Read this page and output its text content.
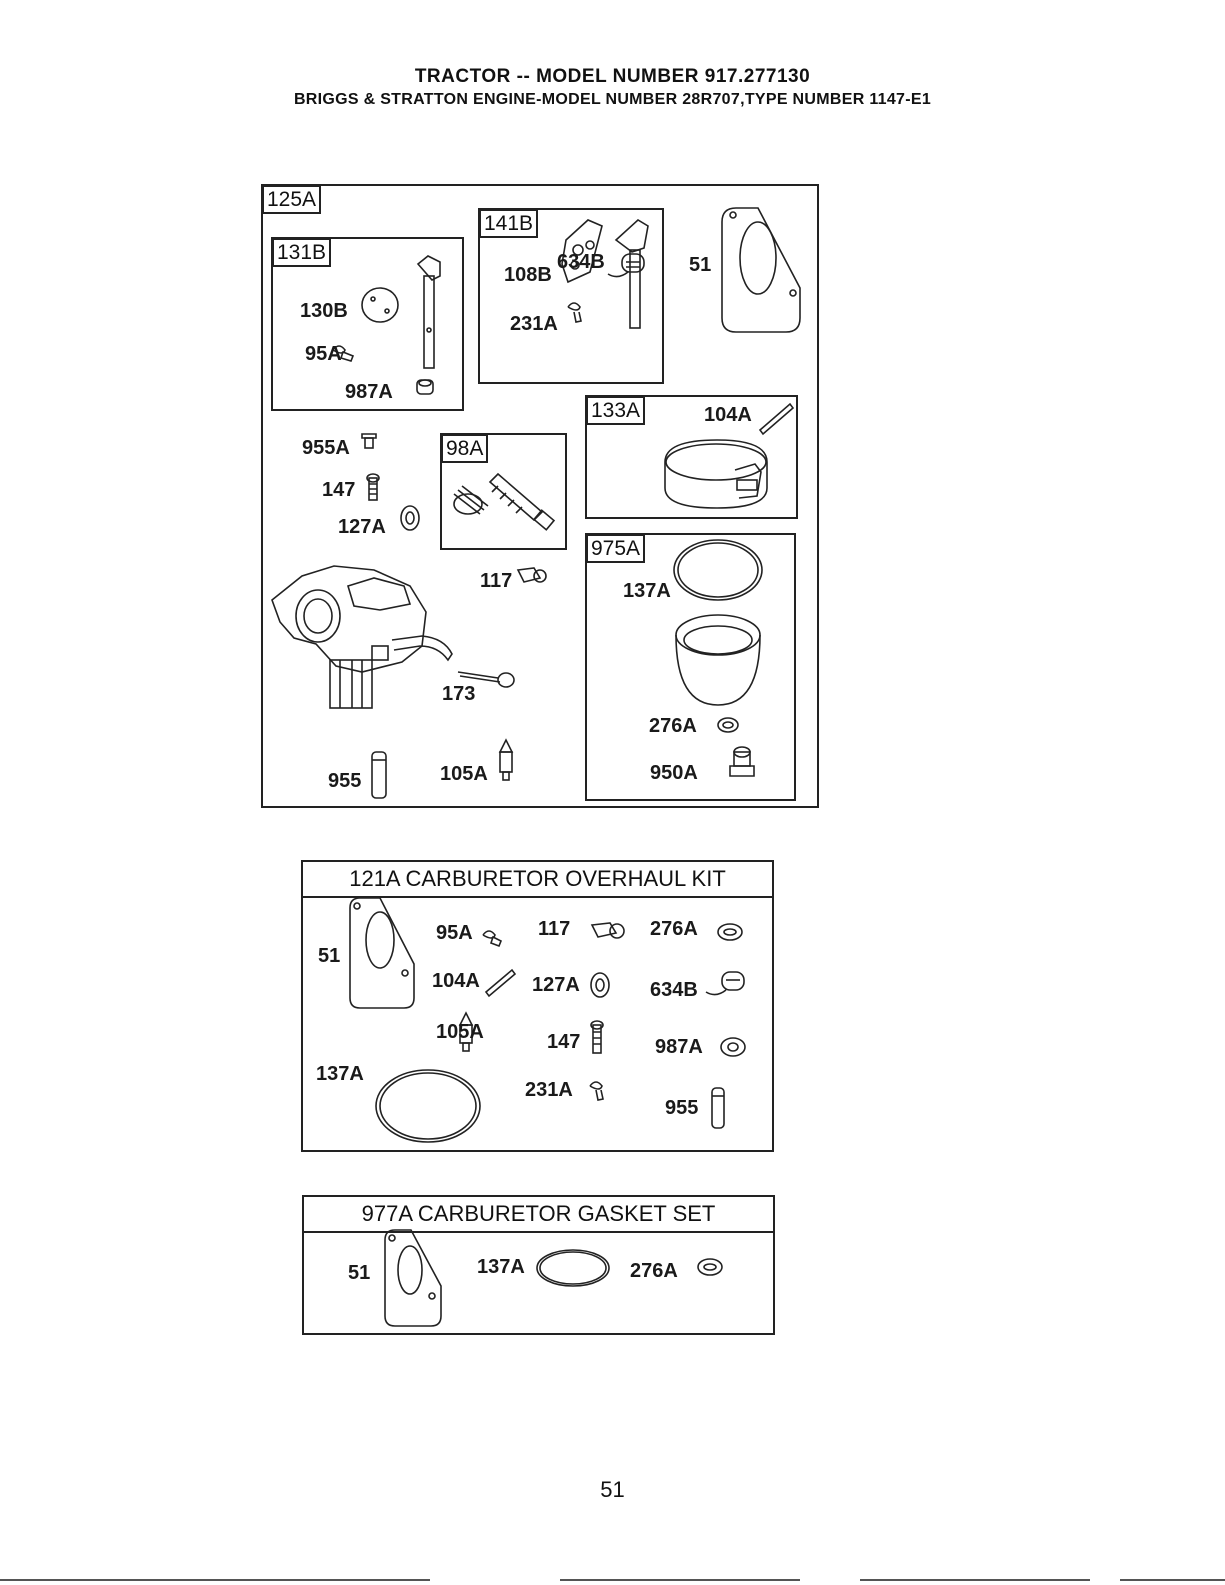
TRACTOR -- MODEL NUMBER 917.277130
BRIGGS & STRATTON ENGINE-MODEL NUMBER 28R707,TYPE NUMBER 1147-E1
121A CARBURETOR OVERHAUL KIT
977A CARBURETOR GASKET SET
125A
131B
141B
133A
98A
975A
130B
95A
987A
108B
231A
634B	51
104A
955A
147
127A
117	137A
173
276A
955	105A	950A
51
95A	117	276A
104A	127A	634B
105A	147	987A
137A
231A
955
51	137A	276A
51
